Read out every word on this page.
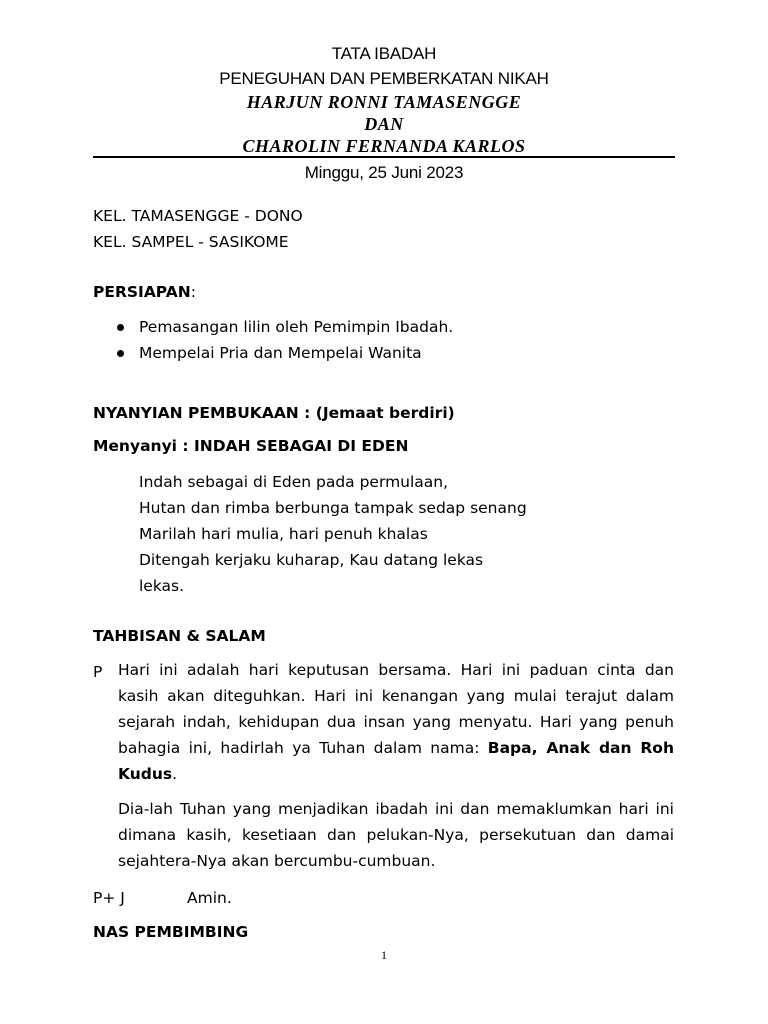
TATA IBADAH
PENEGUHAN DAN PEMBERKATAN NIKAH
HARJUN RONNI TAMASENGGE
DAN
CHAROLIN FERNANDA KARLOS
Minggu, 25 Juni 2023
KEL. TAMASENGGE - DONO
KEL. SAMPEL - SASIKOME
PERSIAPAN:
Pemasangan lilin oleh Pemimpin Ibadah.
Mempelai Pria dan Mempelai Wanita
NYANYIAN PEMBUKAAN : (Jemaat berdiri)
Menyanyi : INDAH SEBAGAI DI EDEN
Indah sebagai di Eden pada permulaan,
Hutan dan rimba berbunga tampak sedap senang
Marilah hari mulia, hari penuh khalas
Ditengah kerjaku kuharap, Kau datang lekas
lekas.
TAHBISAN & SALAM
P Hari ini adalah hari keputusan bersama. Hari ini paduan cinta dan kasih akan diteguhkan. Hari ini kenangan yang mulai terajut dalam sejarah indah, kehidupan dua insan yang menyatu. Hari yang penuh bahagia ini, hadirlah ya Tuhan dalam nama: Bapa, Anak dan Roh Kudus.
Dia-lah Tuhan yang menjadikan ibadah ini dan memaklumkan hari ini dimana kasih, kesetiaan dan pelukan-Nya, persekutuan dan damai sejahtera-Nya akan bercumbu-cumbuan.
P+ J	Amin.
NAS PEMBIMBING
1
